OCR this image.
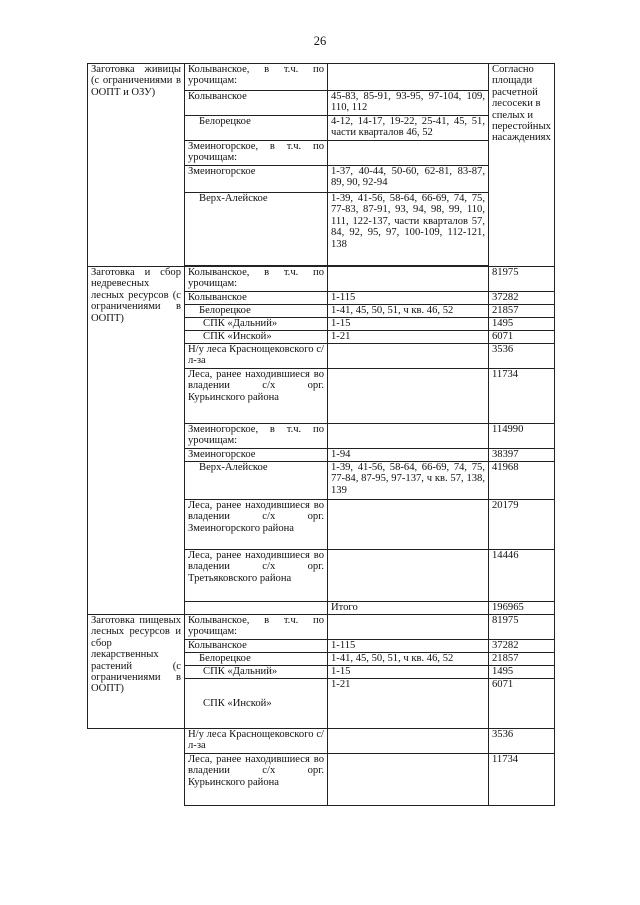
26
Заготовка живицы (с ограничениями в ООПТ и ОЗУ)	Колыванское, в т.ч. по урочищам:		Согласно площади расчетной лесосеки в спелых и перестойных насаждениях
	Колыванское	45-83, 85-91, 93-95, 97-104, 109, 110, 112	
	Белорецкое	4-12, 14-17, 19-22, 25-41, 45, 51, части кварталов 46, 52	
	Змеиногорское, в т.ч. по урочищам:		
	Змеиногорское	1-37, 40-44, 50-60, 62-81, 83-87, 89, 90, 92-94	
	Верх-Алейское	1-39, 41-56, 58-64, 66-69, 74, 75, 77-83, 87-91, 93, 94, 98, 99, 110, 111, 122-137, части кварталов 57, 84, 92, 95, 97, 100-109, 112-121, 138	

Заготовка и сбор недревесных лесных ресурсов (с ограничениями в ООПТ)	Колыванское, в т.ч. по урочищам:		81975
	Колыванское	1-115	37282
	Белорецкое	1-41, 45, 50, 51, ч кв. 46, 52	21857
	СПК «Дальний»	1-15	1495
	СПК «Инской»	1-21	6071
	Н/у леса Краснощековского с/л-за		3536
	Леса, ранее находившиеся во владении с/х орг. Курьинского района		11734
	Змеиногорское, в т.ч. по урочищам:		114990
	Змеиногорское	1-94	38397
	Верх-Алейское	1-39, 41-56, 58-64, 66-69, 74, 75, 77-84, 87-95, 97-137, ч кв. 57, 138, 139	41968
	Леса, ранее находившиеся во владении с/х орг. Змеиногорского района		20179
	Леса, ранее находившиеся во владении с/х орг. Третьяковского района		14446
		Итого	196965
Заготовка пищевых лесных ресурсов и сбор лекарственных растений (с ограничениями в ООПТ)	Колыванское, в т.ч. по урочищам:		81975
	Колыванское	1-115	37282
	Белорецкое	1-41, 45, 50, 51, ч кв. 46, 52	21857
	СПК «Дальний»	1-15	1495
	СПК «Инской»	1-21	6071
	Н/у леса Краснощековского с/л-за		3536
	Леса, ранее находившиеся во владении с/х орг. Курьинского района		11734
